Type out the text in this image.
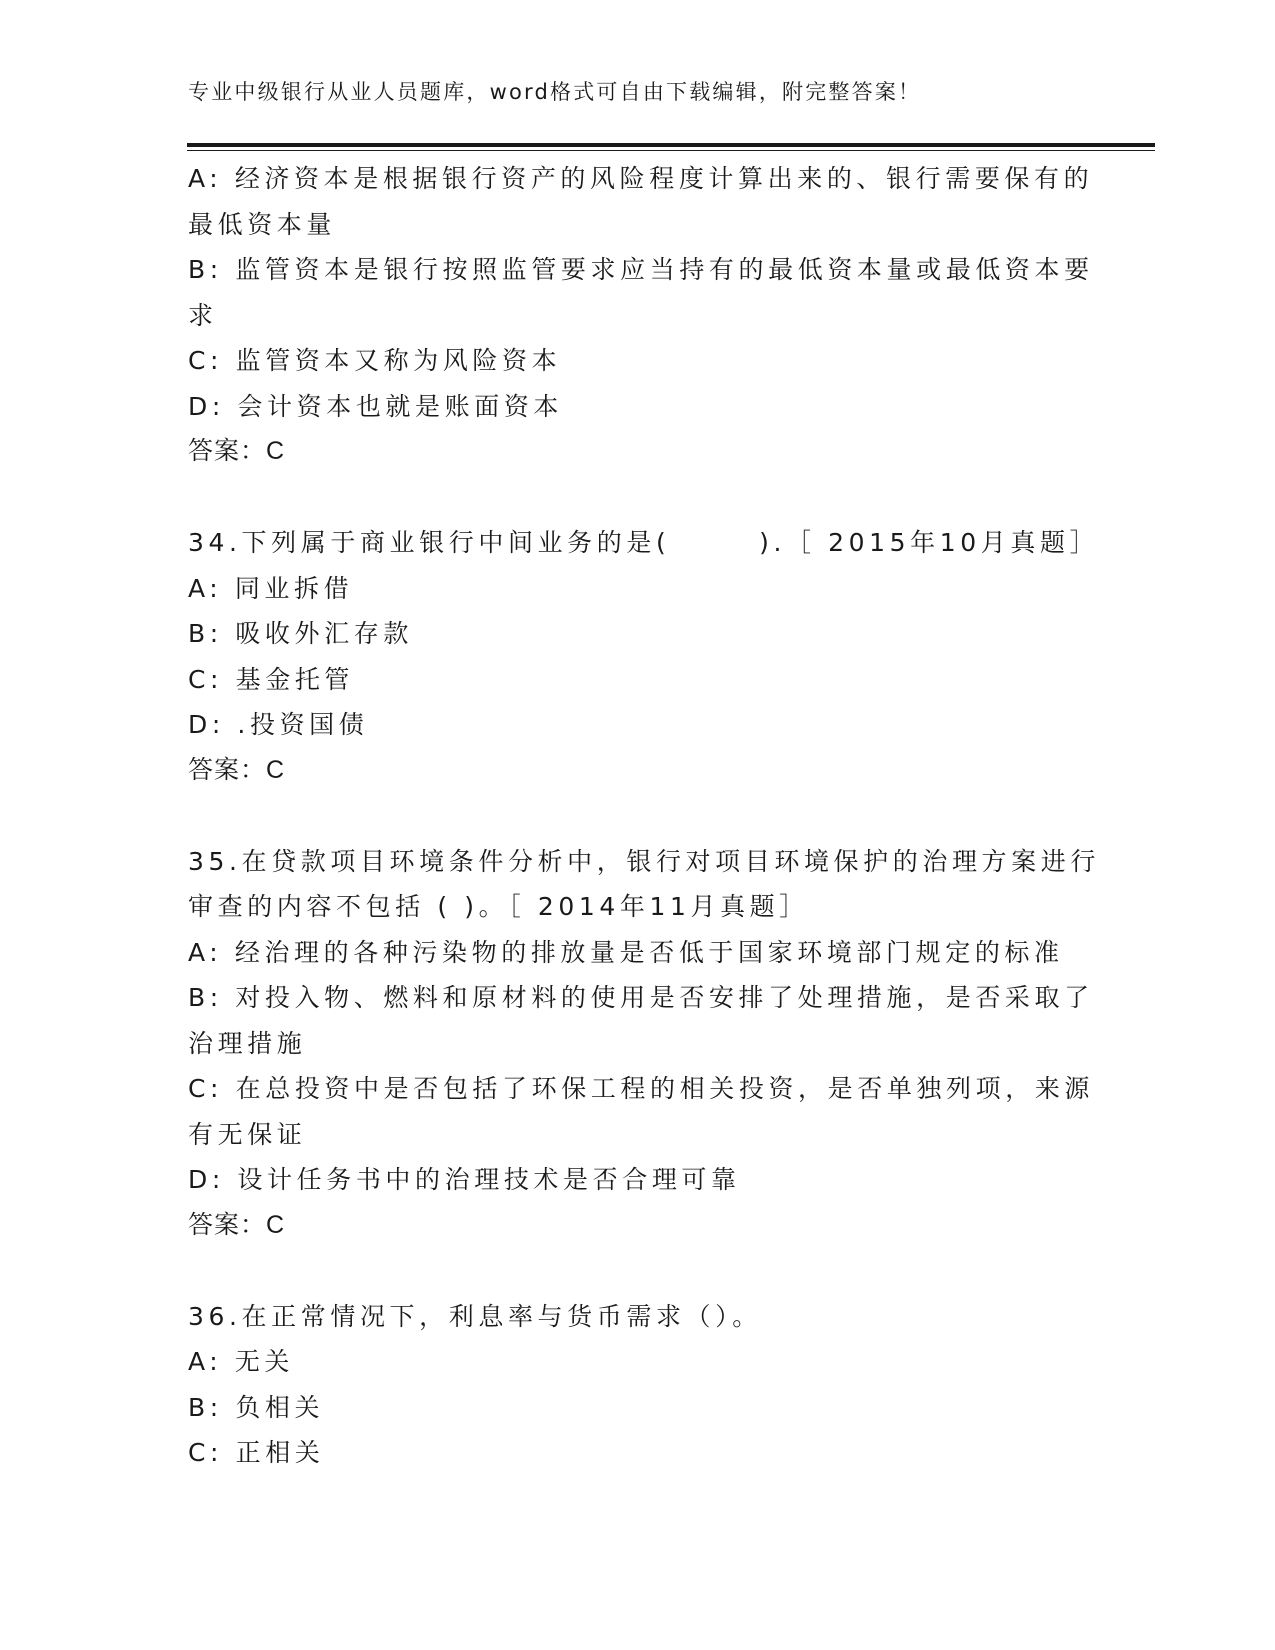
专业中级银行从业人员题库，word格式可自由下载编辑，附完整答案！
A: 经济资本是根据银行资产的风险程度计算出来的、银行需要保有的
最低资本量
B: 监管资本是银行按照监管要求应当持有的最低资本量或最低资本要
求
C: 监管资本又称为风险资本
D: 会计资本也就是账面资本
答案：C
34.下列属于商业银行中间业务的是(　　　).［ 2015年10月真题］
A: 同业拆借
B: 吸收外汇存款
C: 基金托管
D: .投资国债
答案：C
35.在贷款项目环境条件分析中，银行对项目环境保护的治理方案进行
审查的内容不包括 ( )。［ 2014年11月真题］
A: 经治理的各种污染物的排放量是否低于国家环境部门规定的标准
B: 对投入物、燃料和原材料的使用是否安排了处理措施，是否采取了
治理措施
C: 在总投资中是否包括了环保工程的相关投资，是否单独列项，来源
有无保证
D: 设计任务书中的治理技术是否合理可靠
答案：C
36.在正常情况下，利息率与货币需求（）。
A: 无关
B: 负相关
C: 正相关
